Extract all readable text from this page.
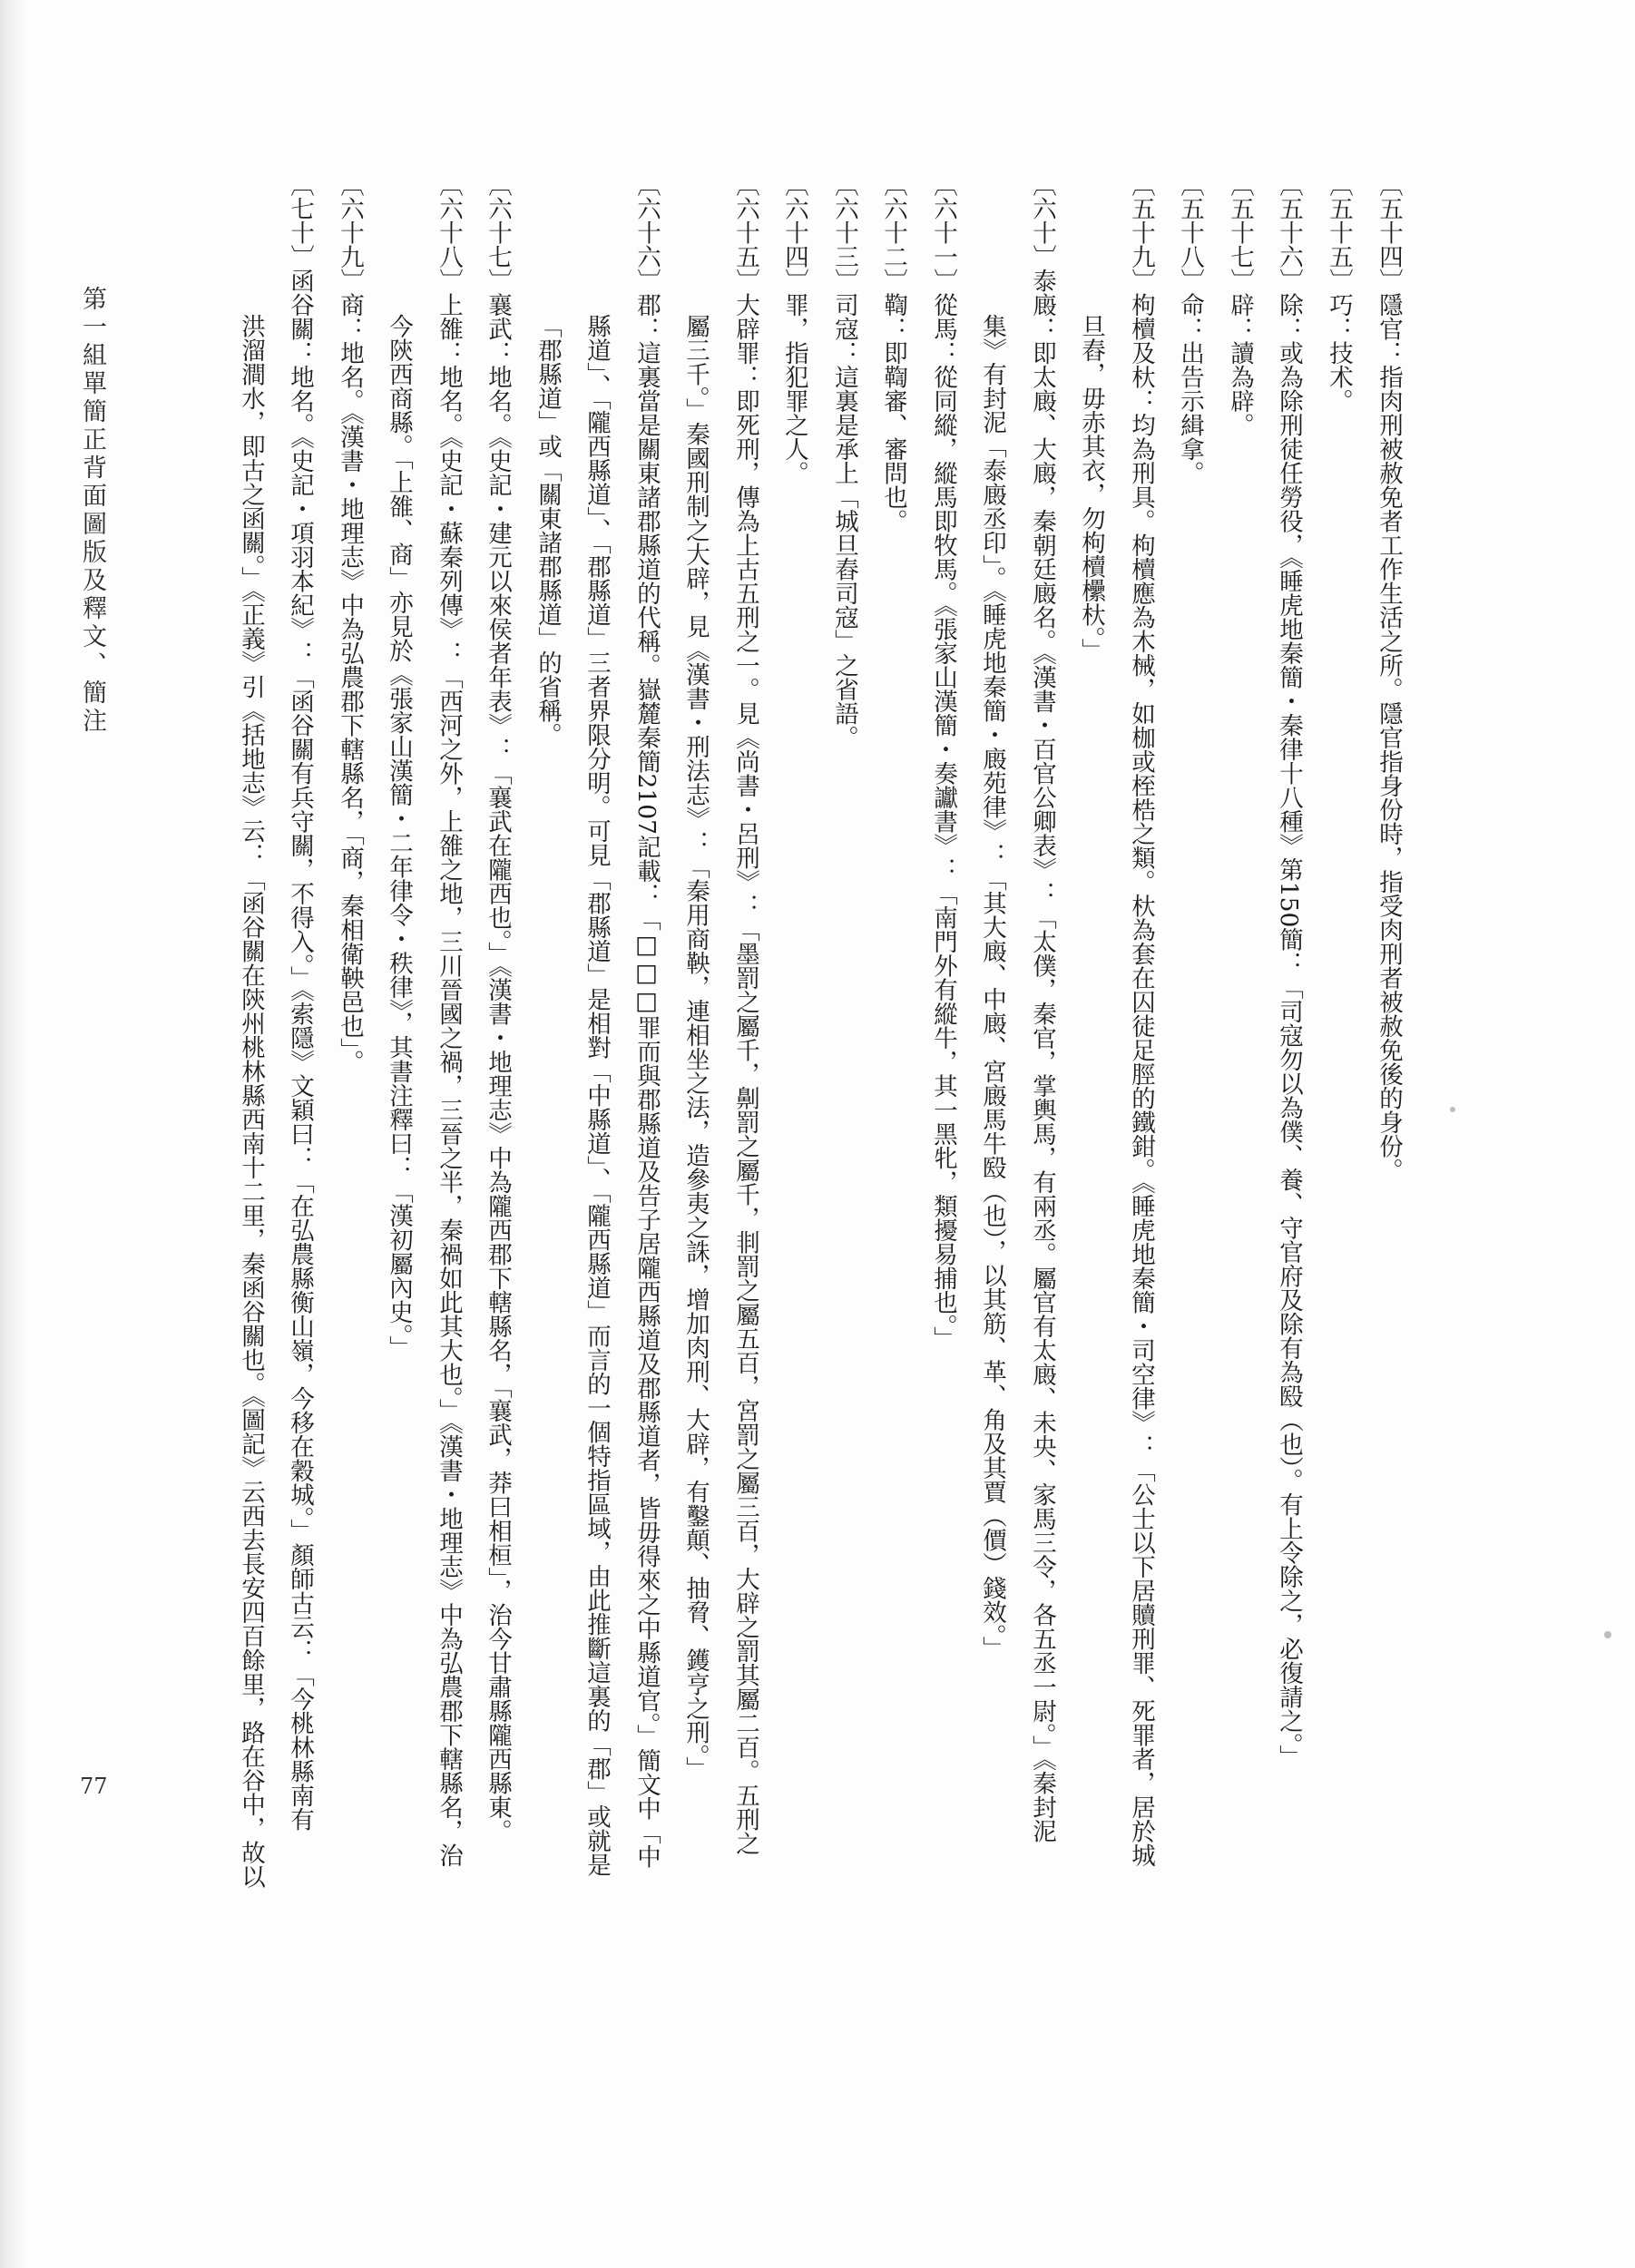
〔五十四〕隱官：指肉刑被赦免者工作生活之所。隱官指身份時，指受肉刑者被赦免後的身份。
〔五十五〕巧：技术。
〔五十六〕除：或為除刑徒任勞役，《睡虎地秦簡・秦律十八種》第150簡：「司寇勿以為僕、養、守官府及除有為殹（也）。有上令除之，必復請之。」
〔五十七〕辟：讀為辟。
〔五十八〕命：出告示緝拿。
〔五十九〕枸櫝及杕：均為刑具。枸櫝應為木械，如枷或桎梏之類。杕為套在囚徒足脛的鐵鉗。《睡虎地秦簡・司空律》：「公士以下居贖刑罪、死罪者，居於城
旦舂，毋赤其衣，勿枸櫝欙杕。」
〔六十〕泰廄：即太廄、大廄，秦朝廷廄名。《漢書・百官公卿表》：「太僕，秦官，掌輿馬，有兩丞。屬官有太廄、未央、家馬三令，各五丞一尉。」《秦封泥
集》有封泥「泰廄丞印」。《睡虎地秦簡・廄苑律》：「其大廄、中廄、宮廄馬牛殹（也），以其筋、革、角及其賈（價）錢效。」
〔六十一〕從馬：從同縱，縱馬即牧馬。《張家山漢簡・奏讞書》：「南門外有縱牛，其一黑牝，類擾易捕也。」
〔六十二〕鞫：即鞫審、審問也。
〔六十三〕司寇：這裏是承上「城旦舂司寇」之省語。
〔六十四〕罪，指犯罪之人。
〔六十五〕大辟罪：即死刑，傳為上古五刑之一。見《尚書・呂刑》：「墨罰之屬千，劓罰之屬千，剕罰之屬五百，宮罰之屬三百，大辟之罰其屬二百。五刑之
屬三千。」秦國刑制之大辟，見《漢書・刑法志》：「秦用商鞅，連相坐之法，造參夷之誅，增加肉刑、大辟，有鑿顛、抽脅、鑊亨之刑。」
〔六十六〕郡：這裏當是關東諸郡縣道的代稱。嶽麓秦簡2107記載：「□□□罪而與郡縣道及告子居隴西縣道及郡縣道者，皆毋得來之中縣道官。」簡文中「中
縣道」、「隴西縣道」、「郡縣道」三者界限分明。可見「郡縣道」是相對「中縣道」、「隴西縣道」而言的一個特指區域，由此推斷這裏的「郡」或就是
「郡縣道」或「關東諸郡縣道」的省稱。
〔六十七〕襄武：地名。《史記・建元以來侯者年表》：「襄武在隴西也。」《漢書・地理志》中為隴西郡下轄縣名，「襄武，莽曰相桓」，治今甘肅縣隴西縣東。
〔六十八〕上雒：地名。《史記・蘇秦列傳》：「西河之外，上雒之地，三川晉國之禍，三晉之半，秦禍如此其大也。」《漢書・地理志》中為弘農郡下轄縣名，治
今陝西商縣。「上雒、商」亦見於《張家山漢簡・二年律令・秩律》，其書注釋曰：「漢初屬內史。」
〔六十九〕商：地名。《漢書・地理志》中為弘農郡下轄縣名，「商，秦相衛鞅邑也」。
〔七十〕函谷關：地名。《史記・項羽本紀》：「函谷關有兵守關，不得入。」《索隱》文穎曰：「在弘農縣衡山嶺，今移在穀城。」顏師古云：「今桃林縣南有
洪溜澗水，即古之函關。」《正義》引《括地志》云：「函谷關在陝州桃林縣西南十二里，秦函谷關也。《圖記》云西去長安四百餘里，路在谷中，故以
第一組單簡正背面圖版及釋文、簡注
77
